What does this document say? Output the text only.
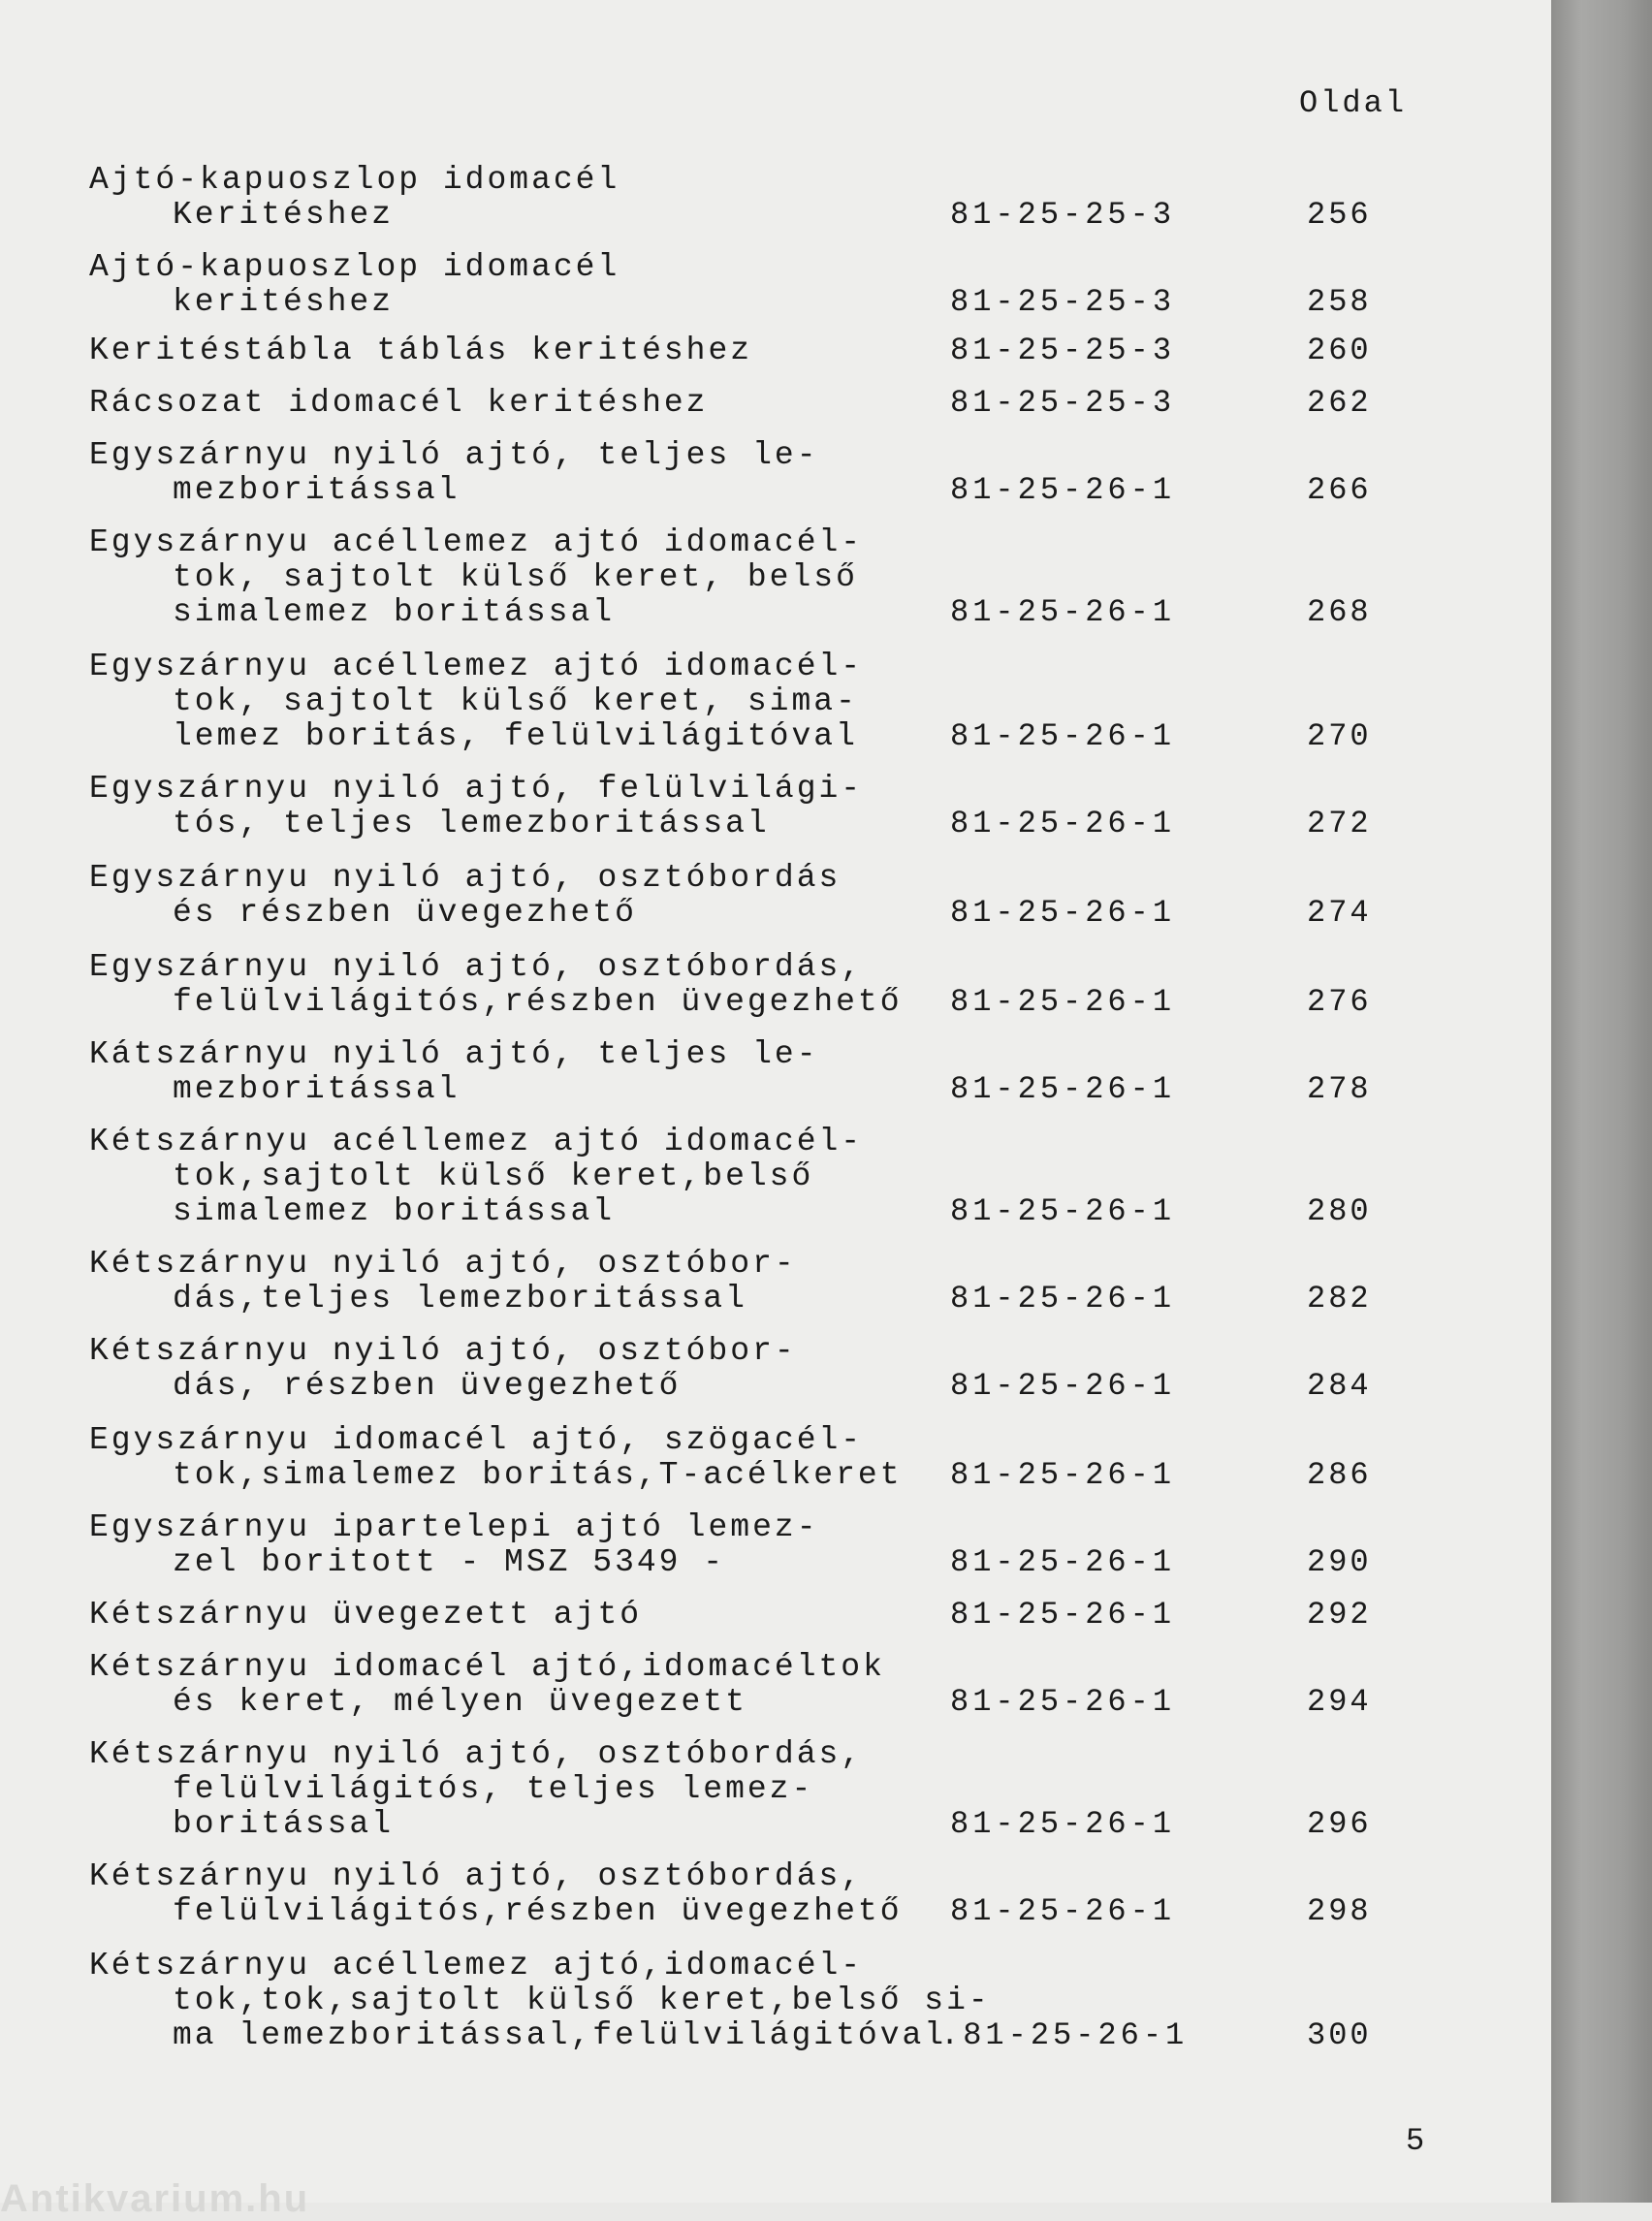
Oldal
Ajtó-kapuoszlop idomacél
Keritéshez	81-25-25-3	256
Ajtó-kapuoszlop idomacél
keritéshez	81-25-25-3	258
Keritéstábla táblás keritéshez	81-25-25-3	260
Rácsozat idomacél keritéshez	81-25-25-3	262
Egyszárnyu nyiló ajtó, teljes le-
mezboritással	81-25-26-1	266
Egyszárnyu acéllemez ajtó idomacél-
tok, sajtolt külső keret, belső
simalemez boritással	81-25-26-1	268
Egyszárnyu acéllemez ajtó idomacél-
tok, sajtolt külső keret, sima-
lemez boritás, felülvilágitóval	81-25-26-1	270
Egyszárnyu nyiló ajtó, felülvilági-
tós, teljes lemezboritással	81-25-26-1	272
Egyszárnyu nyiló ajtó, osztóbordás
és részben üvegezhető	81-25-26-1	274
Egyszárnyu nyiló ajtó, osztóbordás,
felülvilágitós,részben üvegezhető	81-25-26-1	276
Kátszárnyu nyiló ajtó, teljes le-
mezboritással	81-25-26-1	278
Kétszárnyu acéllemez ajtó idomacél-
tok,sajtolt külső keret,belső
simalemez boritással	81-25-26-1	280
Kétszárnyu nyiló ajtó, osztóbor-
dás,teljes lemezboritással	81-25-26-1	282
Kétszárnyu nyiló ajtó, osztóbor-
dás, részben üvegezhető	81-25-26-1	284
Egyszárnyu idomacél ajtó, szögacél-
tok,simalemez boritás,T-acélkeret	81-25-26-1	286
Egyszárnyu ipartelepi ajtó lemez-
zel boritott - MSZ 5349 -	81-25-26-1	290
Kétszárnyu üvegezett ajtó	81-25-26-1	292
Kétszárnyu idomacél ajtó,idomacéltok
és keret, mélyen üvegezett	81-25-26-1	294
Kétszárnyu nyiló ajtó, osztóbordás,
felülvilágitós, teljes lemez-
boritással	81-25-26-1	296
Kétszárnyu nyiló ajtó, osztóbordás,
felülvilágitós,részben üvegezhető	81-25-26-1	298
Kétszárnyu acéllemez ajtó,idomacél-
tok,tok,sajtolt külső keret,belső si-
ma lemezboritással,felülvilágitóval
.81-25-26-1	300
5
Antikvarium.hu
